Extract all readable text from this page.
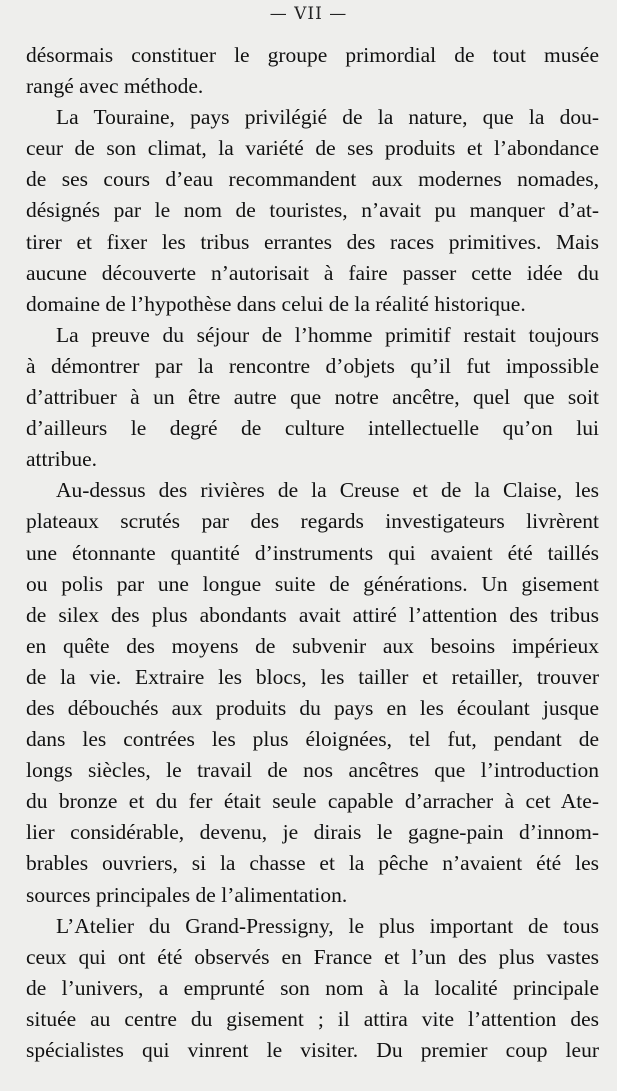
— VII —
désormais constituer le groupe primordial de tout musée
rangé avec méthode.
La Touraine, pays privilégié de la nature, que la dou-
ceur de son climat, la variété de ses produits et l’abondance
de ses cours d’eau recommandent aux modernes nomades,
désignés par le nom de touristes, n’avait pu manquer d’at-
tirer et fixer les tribus errantes des races primitives. Mais
aucune découverte n’autorisait à faire passer cette idée du
domaine de l’hypothèse dans celui de la réalité historique.
La preuve du séjour de l’homme primitif restait toujours
à démontrer par la rencontre d’objets qu’il fut impossible
d’attribuer à un être autre que notre ancêtre, quel que soit
d’ailleurs le degré de culture intellectuelle qu’on lui
attribue.
Au-dessus des rivières de la Creuse et de la Claise, les
plateaux scrutés par des regards investigateurs livrèrent
une étonnante quantité d’instruments qui avaient été taillés
ou polis par une longue suite de générations. Un gisement
de silex des plus abondants avait attiré l’attention des tribus
en quête des moyens de subvenir aux besoins impérieux
de la vie. Extraire les blocs, les tailler et retailler, trouver
des débouchés aux produits du pays en les écoulant jusque
dans les contrées les plus éloignées, tel fut, pendant de
longs siècles, le travail de nos ancêtres que l’introduction
du bronze et du fer était seule capable d’arracher à cet Ate-
lier considérable, devenu, je dirais le gagne-pain d’innom-
brables ouvriers, si la chasse et la pêche n’avaient été les
sources principales de l’alimentation.
L’Atelier du Grand-Pressigny, le plus important de tous
ceux qui ont été observés en France et l’un des plus vastes
de l’univers, a emprunté son nom à la localité principale
située au centre du gisement ; il attira vite l’attention des
spécialistes qui vinrent le visiter. Du premier coup leur
